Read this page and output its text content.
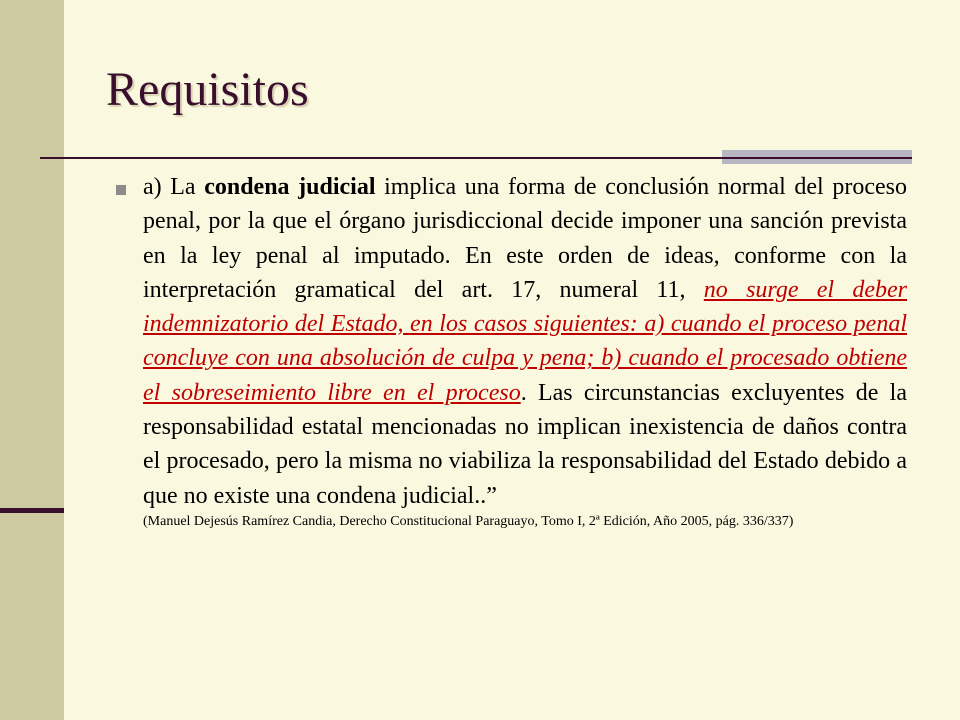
Requisitos

a) La condena judicial implica una forma de conclusión normal del proceso penal, por la que el órgano jurisdiccional decide imponer una sanción prevista en la ley penal al imputado. En este orden de ideas, conforme con la interpretación gramatical del art. 17, numeral 11, no surge el deber indemnizatorio del Estado, en los casos siguientes: a) cuando el proceso penal concluye con una absolución de culpa y pena; b) cuando el procesado obtiene el sobreseimiento libre en el proceso. Las circunstancias excluyentes de la responsabilidad estatal mencionadas no implican inexistencia de daños contra el procesado, pero la misma no viabiliza la responsabilidad del Estado debido a que no existe una condena judicial..”
(Manuel Dejesús Ramírez Candia, Derecho Constitucional Paraguayo, Tomo I, 2ª Edición, Año 2005, pág. 336/337)
